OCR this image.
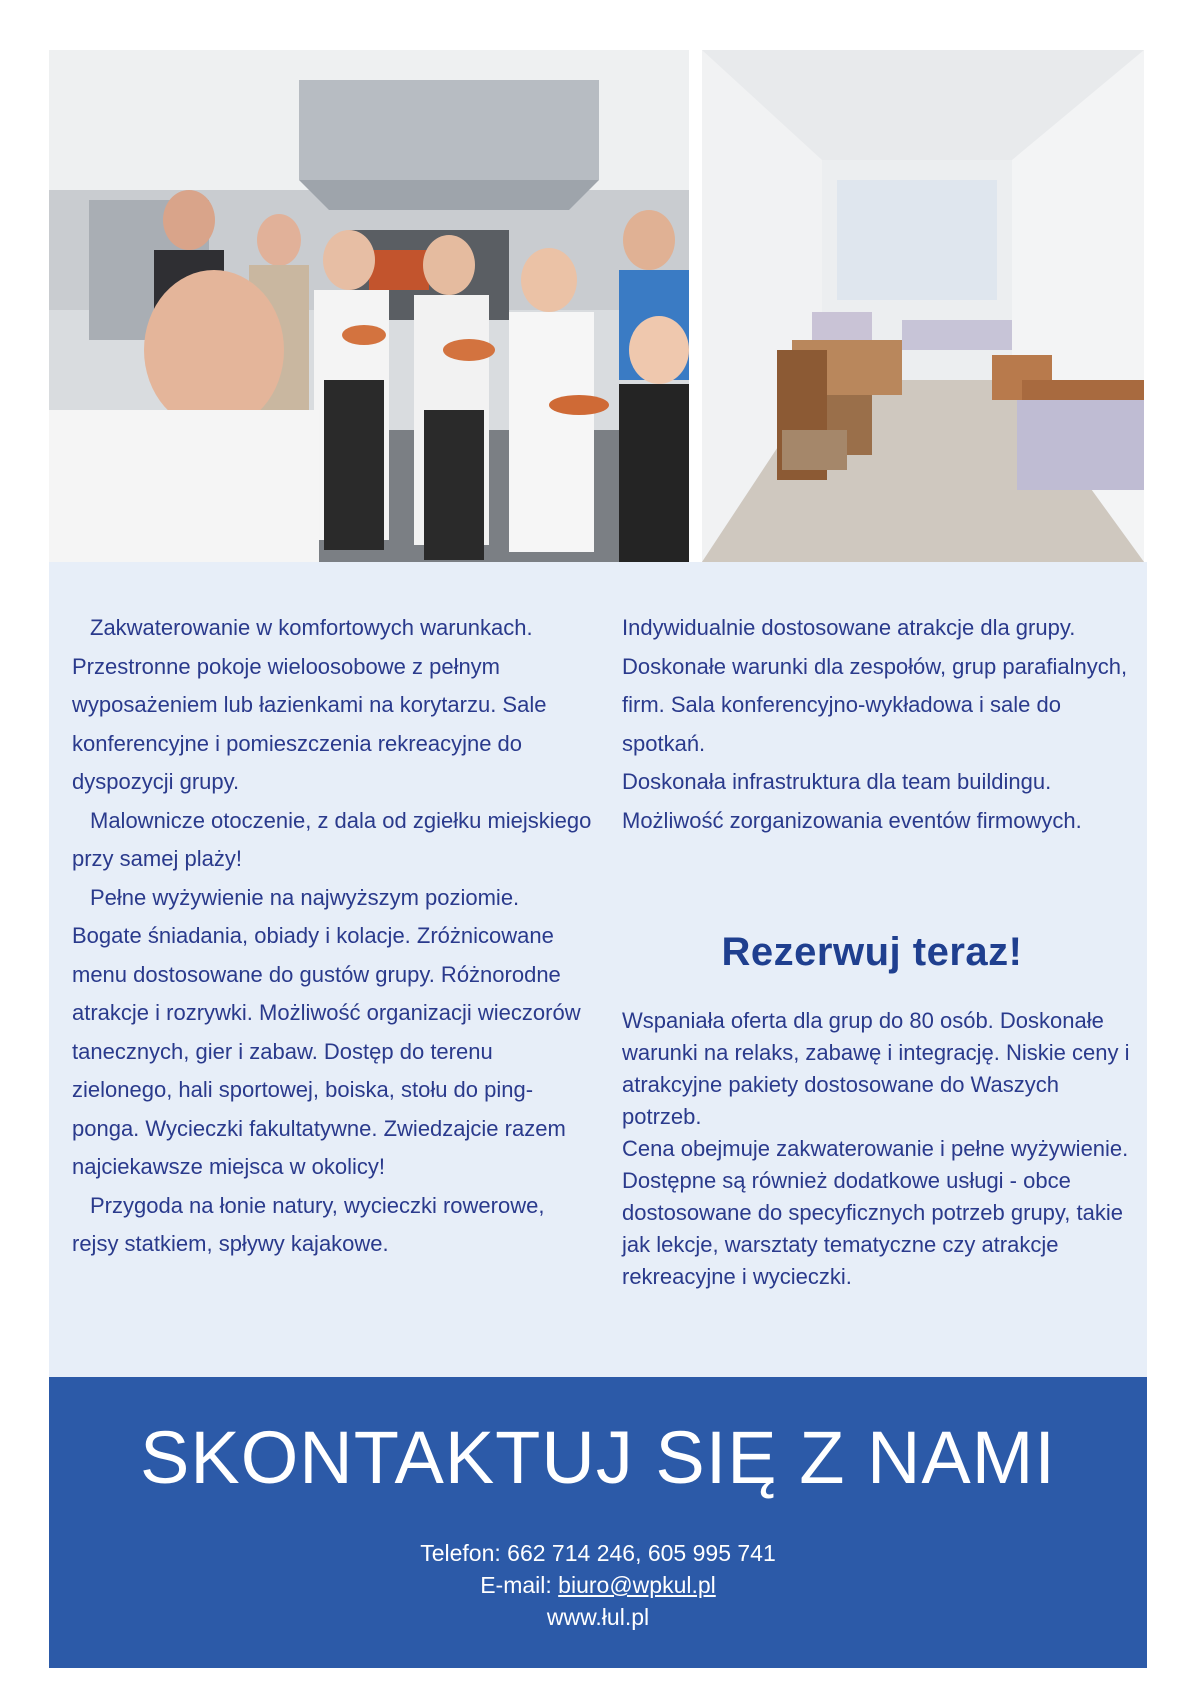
Zakwaterowanie w komfortowych warunkach. Przestronne pokoje wieloosobowe z pełnym wyposażeniem lub łazienkami na korytarzu. Sale konferencyjne i pomieszczenia rekreacyjne do dyspozycji grupy.

Malownicze otoczenie, z dala od zgiełku miejskiego przy samej plaży!

Pełne wyżywienie na najwyższym poziomie. Bogate śniadania, obiady i kolacje. Zróżnicowane menu dostosowane do gustów grupy. Różnorodne atrakcje i rozrywki. Możliwość organizacji wieczorów tanecznych, gier i zabaw. Dostęp do terenu zielonego, hali sportowej, boiska, stołu do ping-ponga. Wycieczki fakultatywne. Zwiedzajcie razem najciekawsze miejsca w okolicy!

Przygoda na łonie natury, wycieczki rowerowe, rejsy statkiem, spływy kajakowe.

Indywidualnie dostosowane atrakcje dla grupy. Doskonałe warunki dla zespołów, grup parafialnych, firm. Sala konferencyjno-wykładowa i sale do spotkań.

Doskonała infrastruktura dla team buildingu. Możliwość zorganizowania eventów firmowych.

Rezerwuj teraz!

Wspaniała oferta dla grup do 80 osób. Doskonałe warunki na relaks, zabawę i integrację. Niskie ceny i atrakcyjne pakiety dostosowane do Waszych potrzeb.

Cena obejmuje zakwaterowanie i pełne wyżywienie. Dostępne są również dodatkowe usługi - obce dostosowane do specyficznych potrzeb grupy, takie jak lekcje, warsztaty tematyczne czy atrakcje rekreacyjne i wycieczki.

SKONTAKTUJ SIĘ Z NAMI
Telefon: 662 714 246, 605 995 741
E-mail: biuro@wpkul.pl
www.łul.pl
